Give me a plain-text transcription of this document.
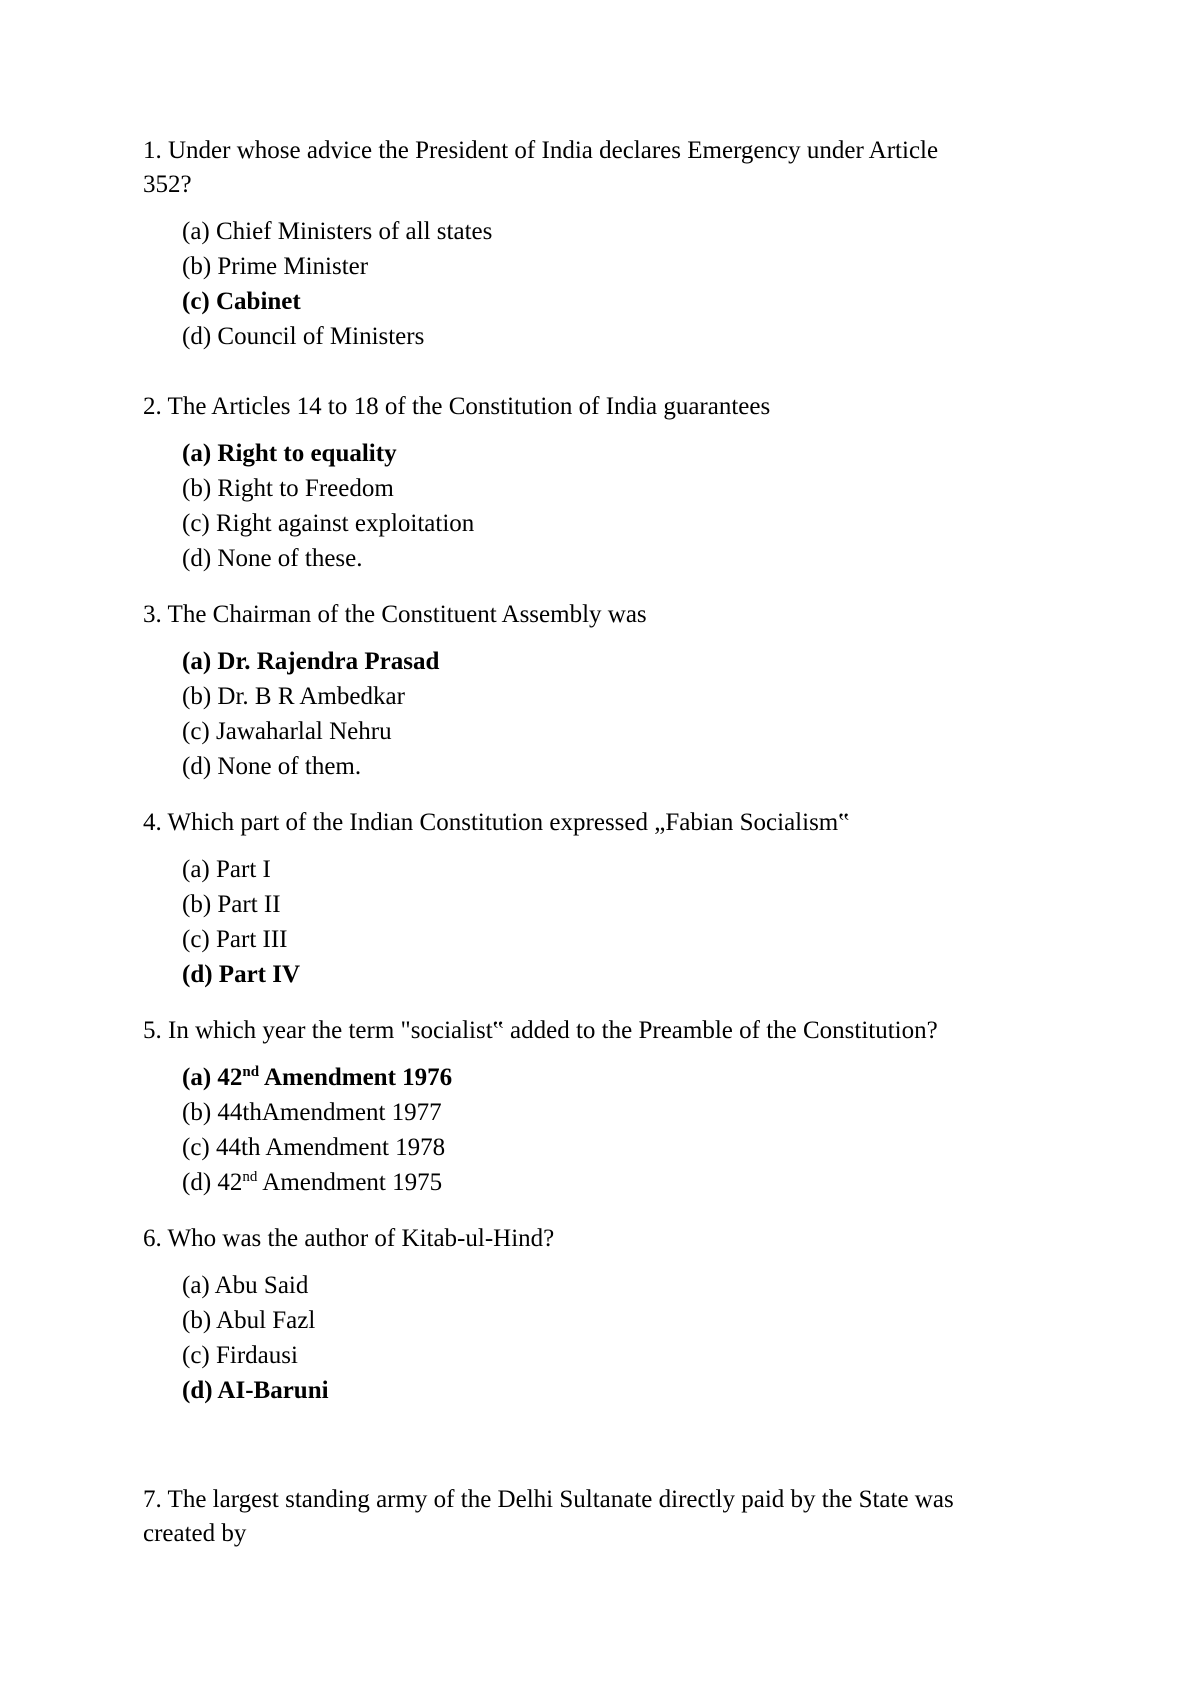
1. Under whose advice the President of India declares Emergency under Article 352?

(a) Chief Ministers of all states
(b) Prime Minister
(c) Cabinet
(d) Council of Ministers

2. The Articles 14 to 18 of the Constitution of India guarantees

(a) Right to equality
(b) Right to Freedom
(c) Right against exploitation
(d) None of these.

3. The Chairman of the Constituent Assembly was

(a) Dr. Rajendra Prasad
(b) Dr. B R Ambedkar
(c) Jawaharlal Nehru
(d) None of them.

4. Which part of the Indian Constitution expressed „Fabian Socialism‟

(a) Part I
(b) Part II
(c) Part III
(d) Part IV

5. In which year the term "socialist‟ added to the Preamble of the Constitution?

(a) 42nd Amendment 1976
(b) 44thAmendment 1977
(c) 44th Amendment 1978
(d) 42nd Amendment 1975

6. Who was the author of Kitab-ul-Hind?

(a) Abu Said
(b) Abul Fazl
(c) Firdausi
(d) AI-Baruni

7. The largest standing army of the Delhi Sultanate directly paid by the State was created by
